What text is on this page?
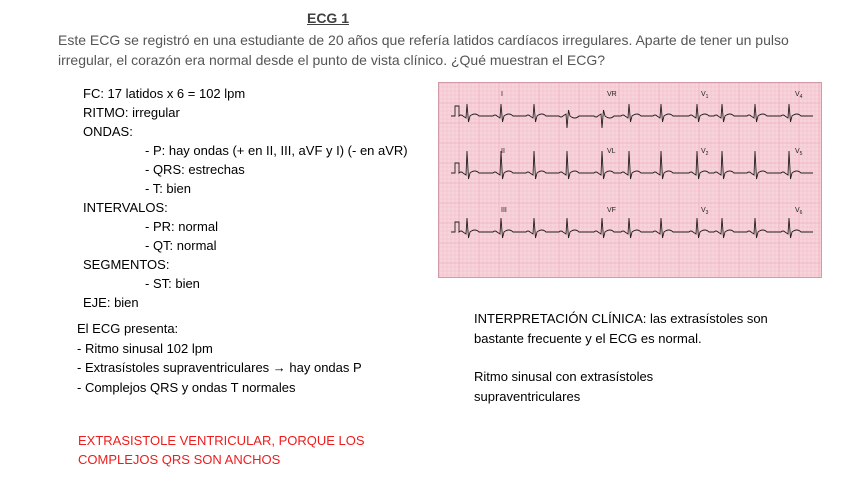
ECG 1
Este ECG se registró en una estudiante de 20 años que refería latidos cardíacos irregulares. Aparte de tener un pulso irregular, el corazón era normal desde el punto de vista clínico. ¿Qué muestran el ECG?
FC: 17 latidos x 6 = 102 lpm
RITMO: irregular
ONDAS:
- P: hay ondas (+ en II, III, aVF y I) (- en aVR)
- QRS: estrechas
- T: bien
INTERVALOS:
- PR: normal
- QT: normal
SEGMENTOS:
- ST: bien
EJE: bien
El ECG presenta:
- Ritmo sinusal 102 lpm
- Extrasístoles supraventriculares → hay ondas P
- Complejos QRS y ondas T normales
INTERPRETACIÓN CLÍNICA: las extrasístoles son
bastante frecuente y el ECG es normal.
Ritmo sinusal con extrasístoles
supraventriculares
EXTRASISTOLE VENTRICULAR, PORQUE LOS
COMPLEJOS QRS SON ANCHOS
I	VR	$V_1$	$V_4$
II	VL	$V_2$	$V_5$
III	VF	$V_3$	$V_6$
